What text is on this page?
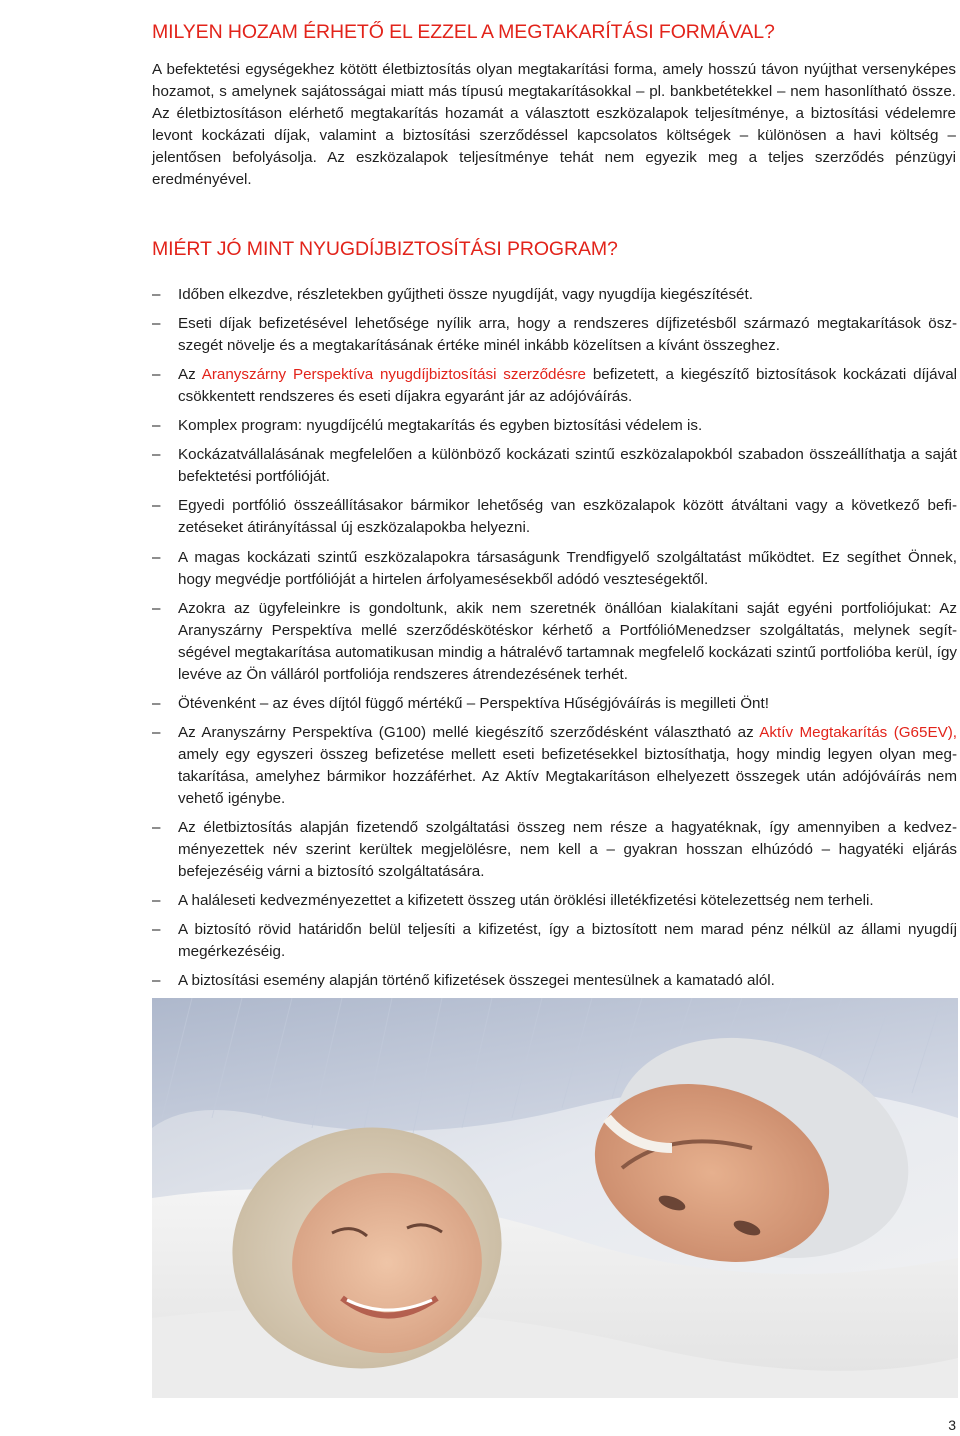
MILYEN HOZAM ÉRHETŐ EL EZZEL A MEGTAKARÍTÁSI FORMÁVAL?

A befektetési egységekhez kötött életbiztosítás olyan megtakarítási forma, amely hosszú távon nyújthat versenyképes hozamot, s amelynek sajátosságai miatt más típusú megtakarításokkal – pl. bankbetétekkel – nem hasonlítható össze. Az életbiztosításon elérhető megtakarítás hozamát a választott eszközalapok teljesítménye, a biztosítási védelemre levont kockázati díjak, valamint a biztosítási szerződéssel kapcsolatos költségek – különösen a havi költség – jelentősen befolyásolja. Az eszközalapok teljesítménye tehát nem egyezik meg a teljes szerződés pénzügyi eredményével.

MIÉRT JÓ MINT NYUGDÍJBIZTOSÍTÁSI PROGRAM?
– Időben elkezdve, részletekben gyűjtheti össze nyugdíját, vagy nyugdíja kiegészítését.
– Eseti díjak befizetésével lehetősége nyílik arra, hogy a rendszeres díjfizetésből származó megtakarítások öszszegét növelje és a megtakarításának értéke minél inkább közelítsen a kívánt összeghez.
– Az Aranyszárny Perspektíva nyugdíjbiztosítási szerződésre befizetett, a kiegészítő biztosítások kockázati díjával csökkentett rendszeres és eseti díjakra egyaránt jár az adójóváírás.
– Komplex program: nyugdíjcélú megtakarítás és egyben biztosítási védelem is.
– Kockázatvállalásának megfelelően a különböző kockázati szintű eszközalapokból szabadon összeállíthatja a saját befektetési portfólióját.
– Egyedi portfólió összeállításakor bármikor lehetőség van eszközalapok között átváltani vagy a következő befizetéseket átirányítással új eszközalapokba helyezni.
– A magas kockázati szintű eszközalapokra társaságunk Trendfigyelő szolgáltatást működtet. Ez segíthet Önnek, hogy megvédje portfólióját a hirtelen árfolyamesésekből adódó veszteségektől.
– Azokra az ügyfeleinkre is gondoltunk, akik nem szeretnék önállóan kialakítani saját egyéni portfoliójukat: Az Aranyszárny Perspektíva mellé szerződéskötéskor kérhető a PortfólióMenedzser szolgáltatás, melynek segítségével megtakarítása automatikusan mindig a hátralévő tartamnak megfelelő kockázati szintű portfolióba kerül, így levéve az Ön válláról portfoliója rendszeres átrendezésének terhét.
– Ötévenként – az éves díjtól függő mértékű – Perspektíva Hűségjóváírás is megilleti Önt!
– Az Aranyszárny Perspektíva (G100) mellé kiegészítő szerződésként választható az Aktív Megtakarítás (G65EV), amely egy egyszeri összeg befizetése mellett eseti befizetésekkel biztosíthatja, hogy mindig legyen olyan megtakarítása, amelyhez bármikor hozzáférhet. Az Aktív Megtakarításon elhelyezett összegek után adójóváírás nem vehető igénybe.
– Az életbiztosítás alapján fizetendő szolgáltatási összeg nem része a hagyatéknak, így amennyiben a kedvezményezettek név szerint kerültek megjelölésre, nem kell a – gyakran hosszan elhúzódó – hagyatéki eljárás befejezéséig várni a biztosító szolgáltatására.
– A haláleseti kedvezményezettet a kifizetett összeg után öröklési illetékfizetési kötelezettség nem terheli.
– A biztosító rövid határidőn belül teljesíti a kifizetést, így a biztosított nem marad pénz nélkül az állami nyugdíj megérkezéséig.
– A biztosítási esemény alapján történő kifizetések összegei mentesülnek a kamatadó alól.
3
